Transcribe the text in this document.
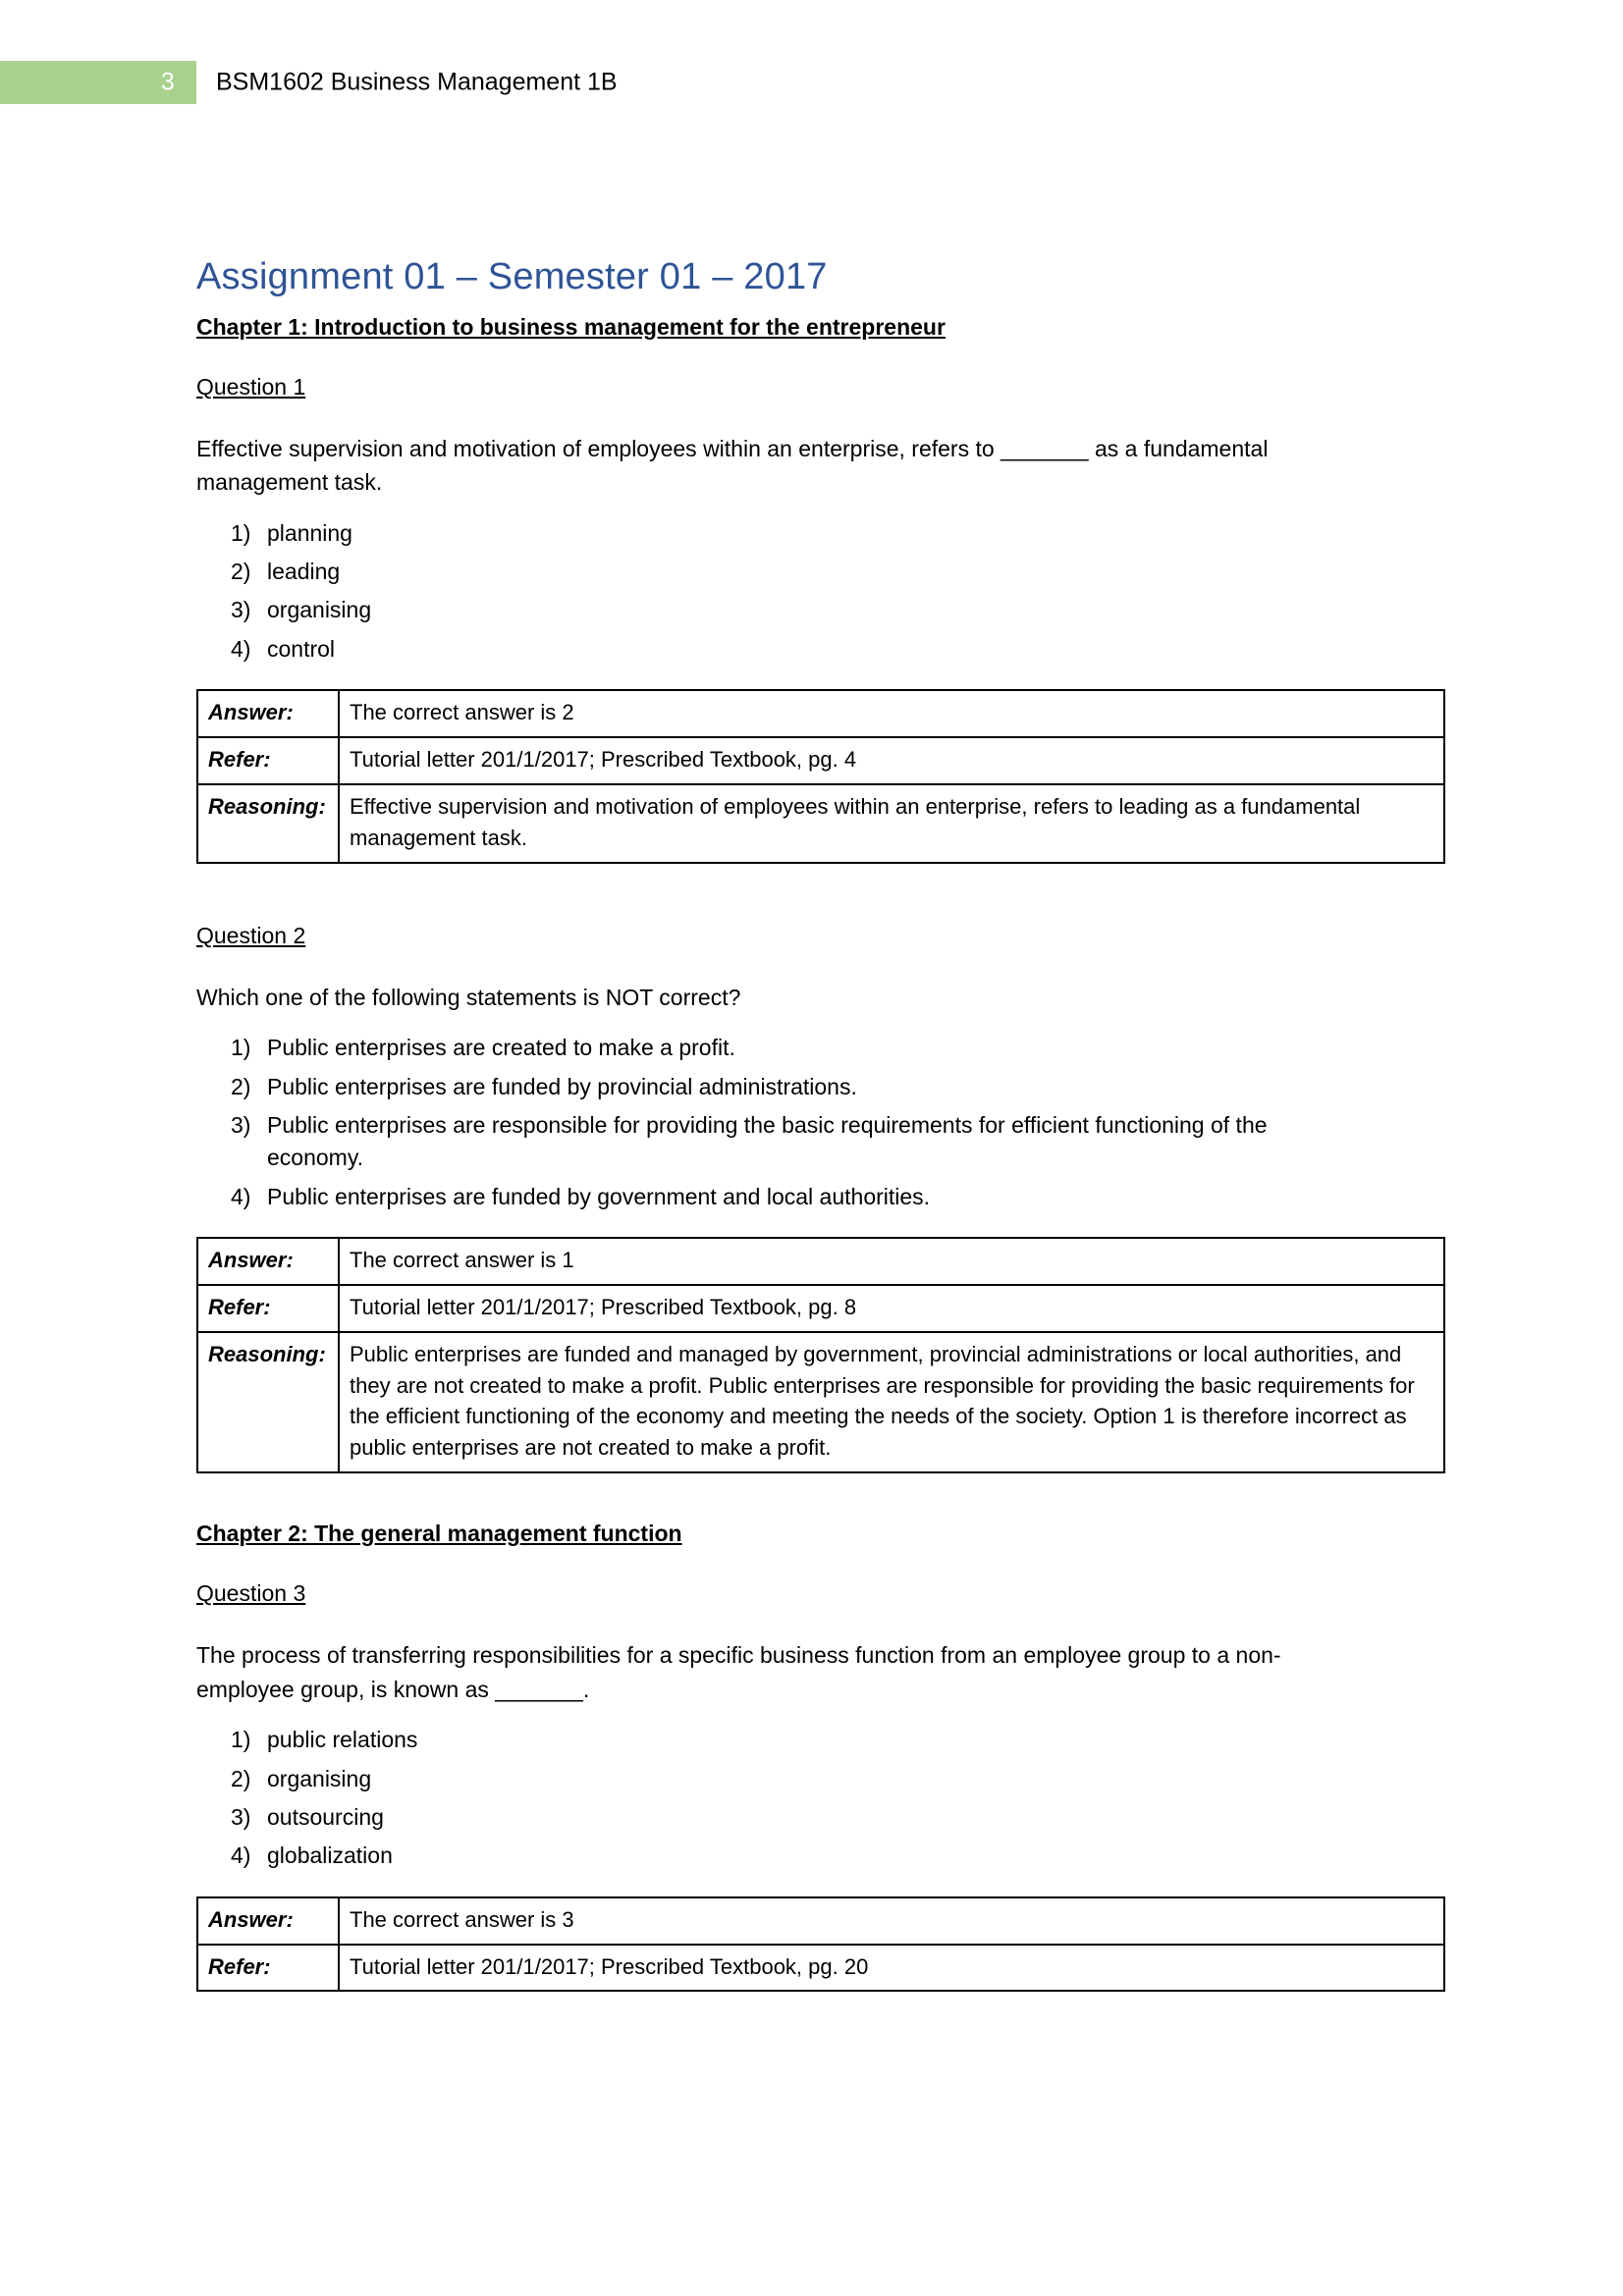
3 BSM1602 Business Management 1B
Assignment 01 – Semester 01 – 2017
Chapter 1: Introduction to business management for the entrepreneur
Question 1

Effective supervision and motivation of employees within an enterprise, refers to _______ as a fundamental management task.

1) planning
2) leading
3) organising
4) control
Answer:	The correct answer is 2
Refer:	Tutorial letter 201/1/2017; Prescribed Textbook, pg. 4
Reasoning:	Effective supervision and motivation of employees within an enterprise, refers to leading as a fundamental management task.
Question 2

Which one of the following statements is NOT correct?

1) Public enterprises are created to make a profit.
2) Public enterprises are funded by provincial administrations.
3) Public enterprises are responsible for providing the basic requirements for efficient functioning of the economy.
4) Public enterprises are funded by government and local authorities.
Answer:	The correct answer is 1
Refer:	Tutorial letter 201/1/2017; Prescribed Textbook, pg. 8
Reasoning:	Public enterprises are funded and managed by government, provincial administrations or local authorities, and they are not created to make a profit. Public enterprises are responsible for providing the basic requirements for the efficient functioning of the economy and meeting the needs of the society. Option 1 is therefore incorrect as public enterprises are not created to make a profit.
Chapter 2: The general management function
Question 3

The process of transferring responsibilities for a specific business function from an employee group to a non-employee group, is known as _______.

1) public relations
2) organising
3) outsourcing
4) globalization
Answer:	The correct answer is 3
Refer:	Tutorial letter 201/1/2017; Prescribed Textbook, pg. 20
